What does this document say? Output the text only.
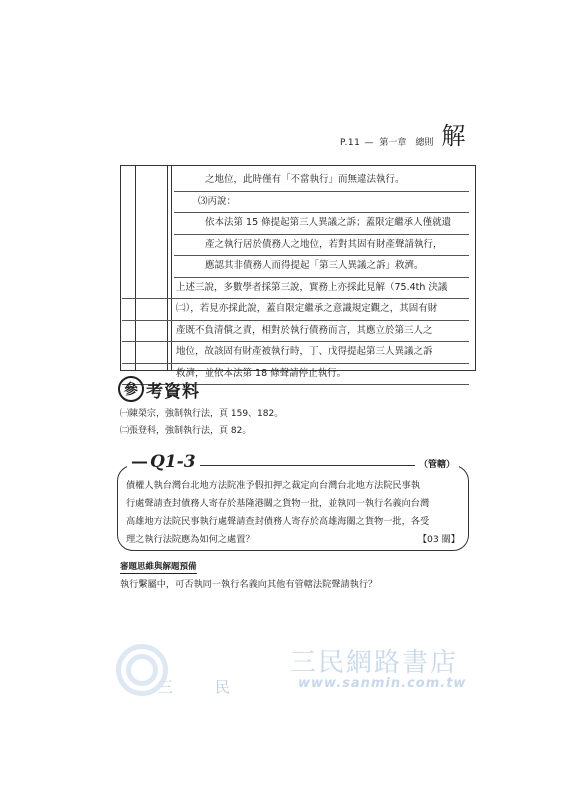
P.11 — 第一章　總則 解
之地位，此時僅有「不當執行」而無違法執行。
⑶丙說：
依本法第 15 條提起第三人異議之訴；蓋限定繼承人僅就遺
產之執行居於債務人之地位，若對其固有財產聲請執行，
應認其非債務人而得提起「第三人異議之訴」救濟。
上述三說，多數學者採第三說，實務上亦採此見解（75.4th 決議
㈡），若見亦採此說，蓋自限定繼承之意識規定觀之，其固有財
產既不負清償之責，相對於執行債務而言，其應立於第三人之
地位，故該固有財產被執行時，丁、戊得提起第三人異議之訴
救濟，並依本法第 18 條聲請停止執行。
參 考資料
㈠陳榮宗，強制執行法，頁 159、182。
㈡張登科，強制執行法，頁 82。
— Q1-3	（管轄）
債權人執台灣台北地方法院准予假扣押之裁定向台灣台北地方法院民事執
行處聲請查封債務人寄存於基隆港關之貨物一批，並執同一執行名義向台灣
高雄地方法院民事執行處聲請查封債務人寄存於高雄海關之貨物一批，各受
理之執行法院應為如何之處置？	【03 關】
審題思維與解題預備
執行繫屬中，可否執同一執行名義向其他有管轄法院聲請執行？
三	民
三民網路書店
www.sanmin.com.tw
